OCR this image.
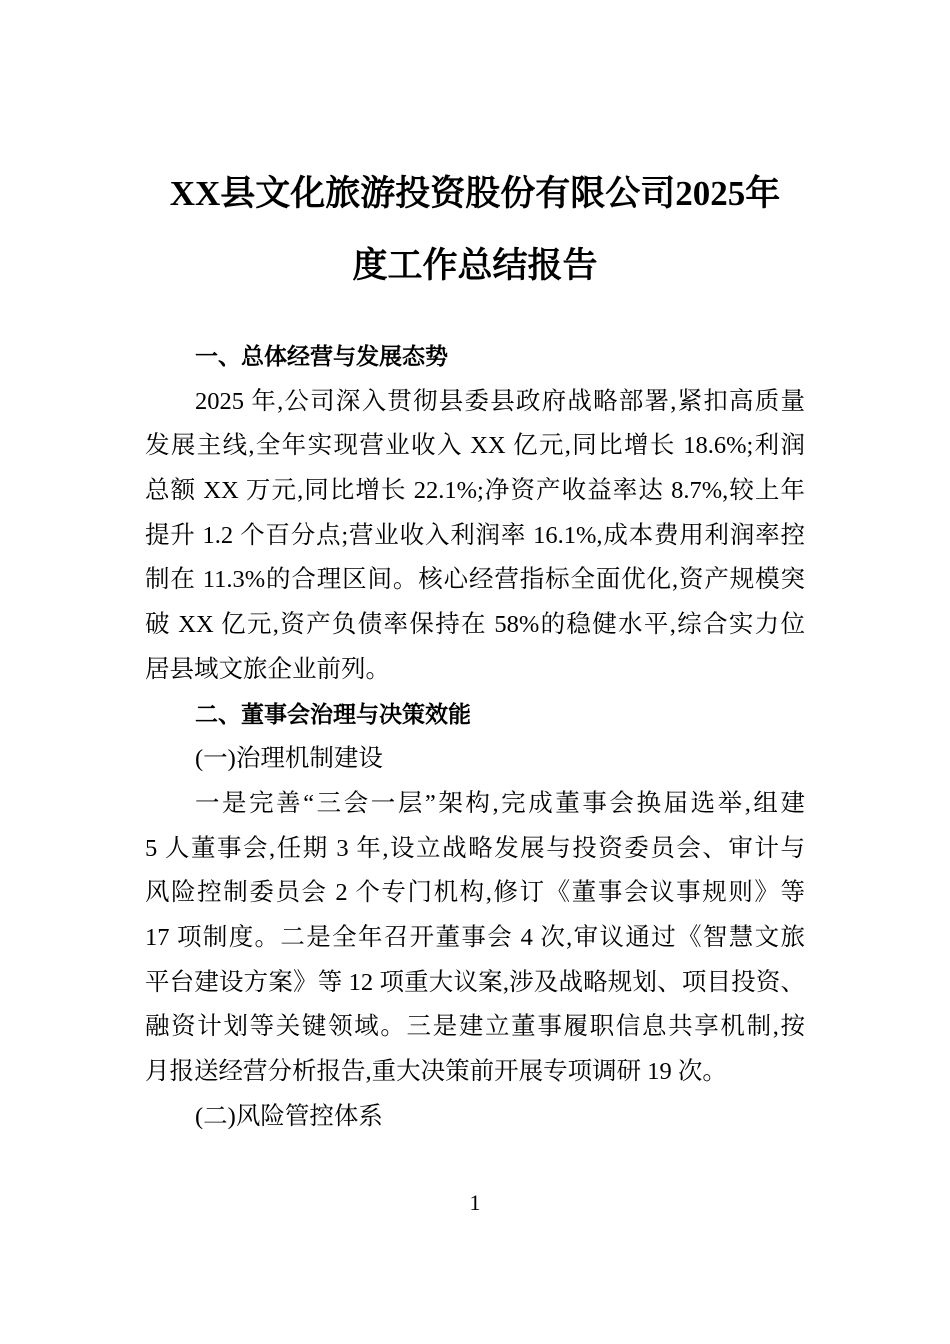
XX县文化旅游投资股份有限公司2025年
度工作总结报告
一、总体经营与发展态势
2025 年,公司深入贯彻县委县政府战略部署,紧扣高质量
发展主线,全年实现营业收入 XX 亿元,同比增长 18.6%;利润
总额 XX 万元,同比增长 22.1%;净资产收益率达 8.7%,较上年
提升 1.2 个百分点;营业收入利润率 16.1%,成本费用利润率控
制在 11.3%的合理区间。核心经营指标全面优化,资产规模突
破 XX 亿元,资产负债率保持在 58%的稳健水平,综合实力位
居县域文旅企业前列。
二、董事会治理与决策效能
(一)治理机制建设
一是完善“三会一层”架构,完成董事会换届选举,组建
5 人董事会,任期 3 年,设立战略发展与投资委员会、审计与
风险控制委员会 2 个专门机构,修订《董事会议事规则》等
17 项制度。二是全年召开董事会 4 次,审议通过《智慧文旅
平台建设方案》等 12 项重大议案,涉及战略规划、项目投资、
融资计划等关键领域。三是建立董事履职信息共享机制,按
月报送经营分析报告,重大决策前开展专项调研 19 次。
(二)风险管控体系
1
